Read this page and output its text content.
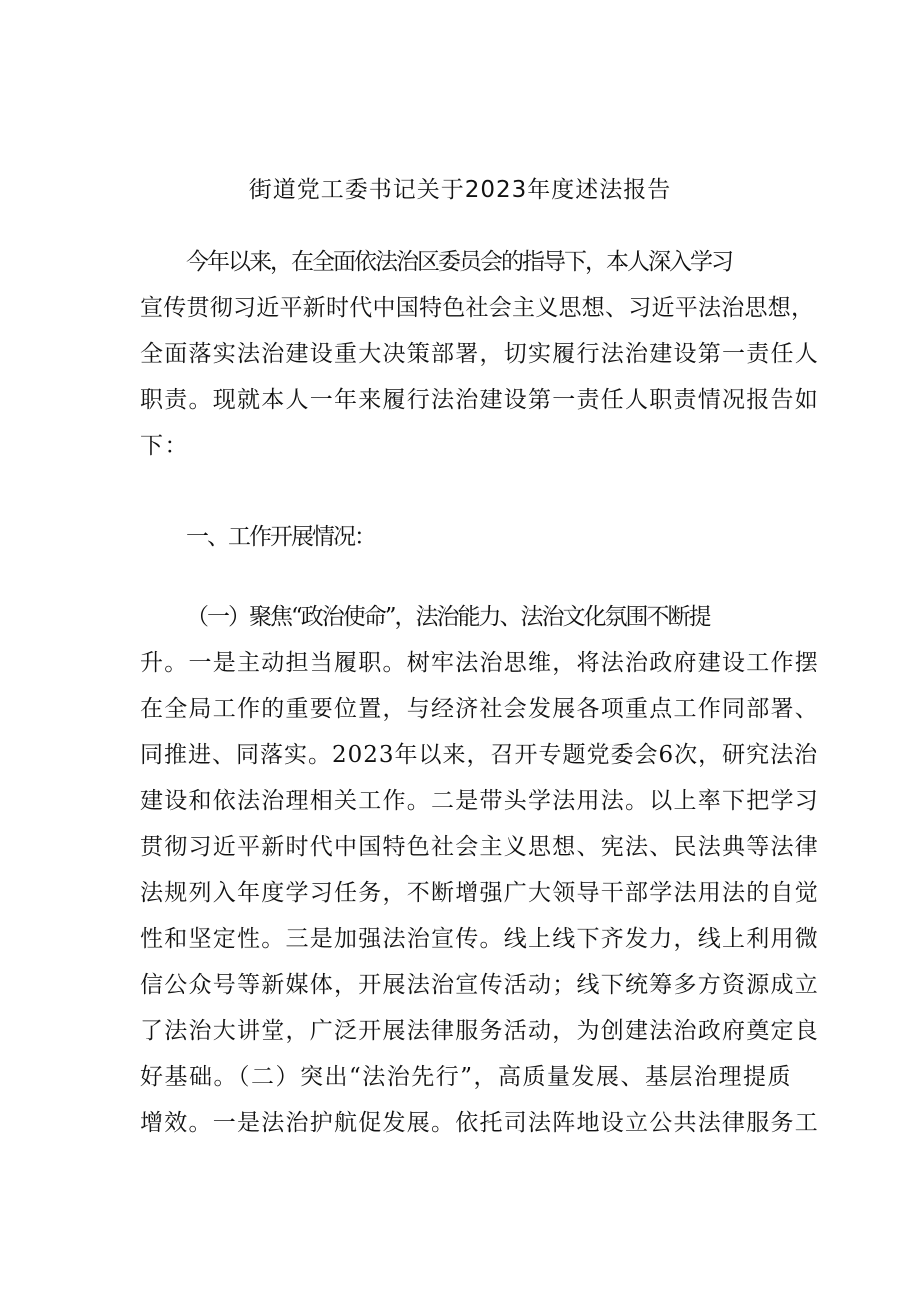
街道党工委书记关于2023年度述法报告
今年以来，在全面依法治区委员会的指导下，本人深入学习
宣传贯彻习近平新时代中国特色社会主义思想、习近平法治思想，
全面落实法治建设重大决策部署，切实履行法治建设第一责任人
职责。现就本人一年来履行法治建设第一责任人职责情况报告如
下：
一、工作开展情况：
（一）聚焦“政治使命”，法治能力、法治文化氛围不断提
升。一是主动担当履职。树牢法治思维，将法治政府建设工作摆
在全局工作的重要位置，与经济社会发展各项重点工作同部署、
同推进、同落实。2023年以来，召开专题党委会6次，研究法治
建设和依法治理相关工作。二是带头学法用法。以上率下把学习
贯彻习近平新时代中国特色社会主义思想、宪法、民法典等法律
法规列入年度学习任务，不断增强广大领导干部学法用法的自觉
性和坚定性。三是加强法治宣传。线上线下齐发力，线上利用微
信公众号等新媒体，开展法治宣传活动；线下统筹多方资源成立
了法治大讲堂，广泛开展法律服务活动，为创建法治政府奠定良
好基础。（二）突出“法治先行”，高质量发展、基层治理提质
增效。一是法治护航促发展。依托司法阵地设立公共法律服务工
